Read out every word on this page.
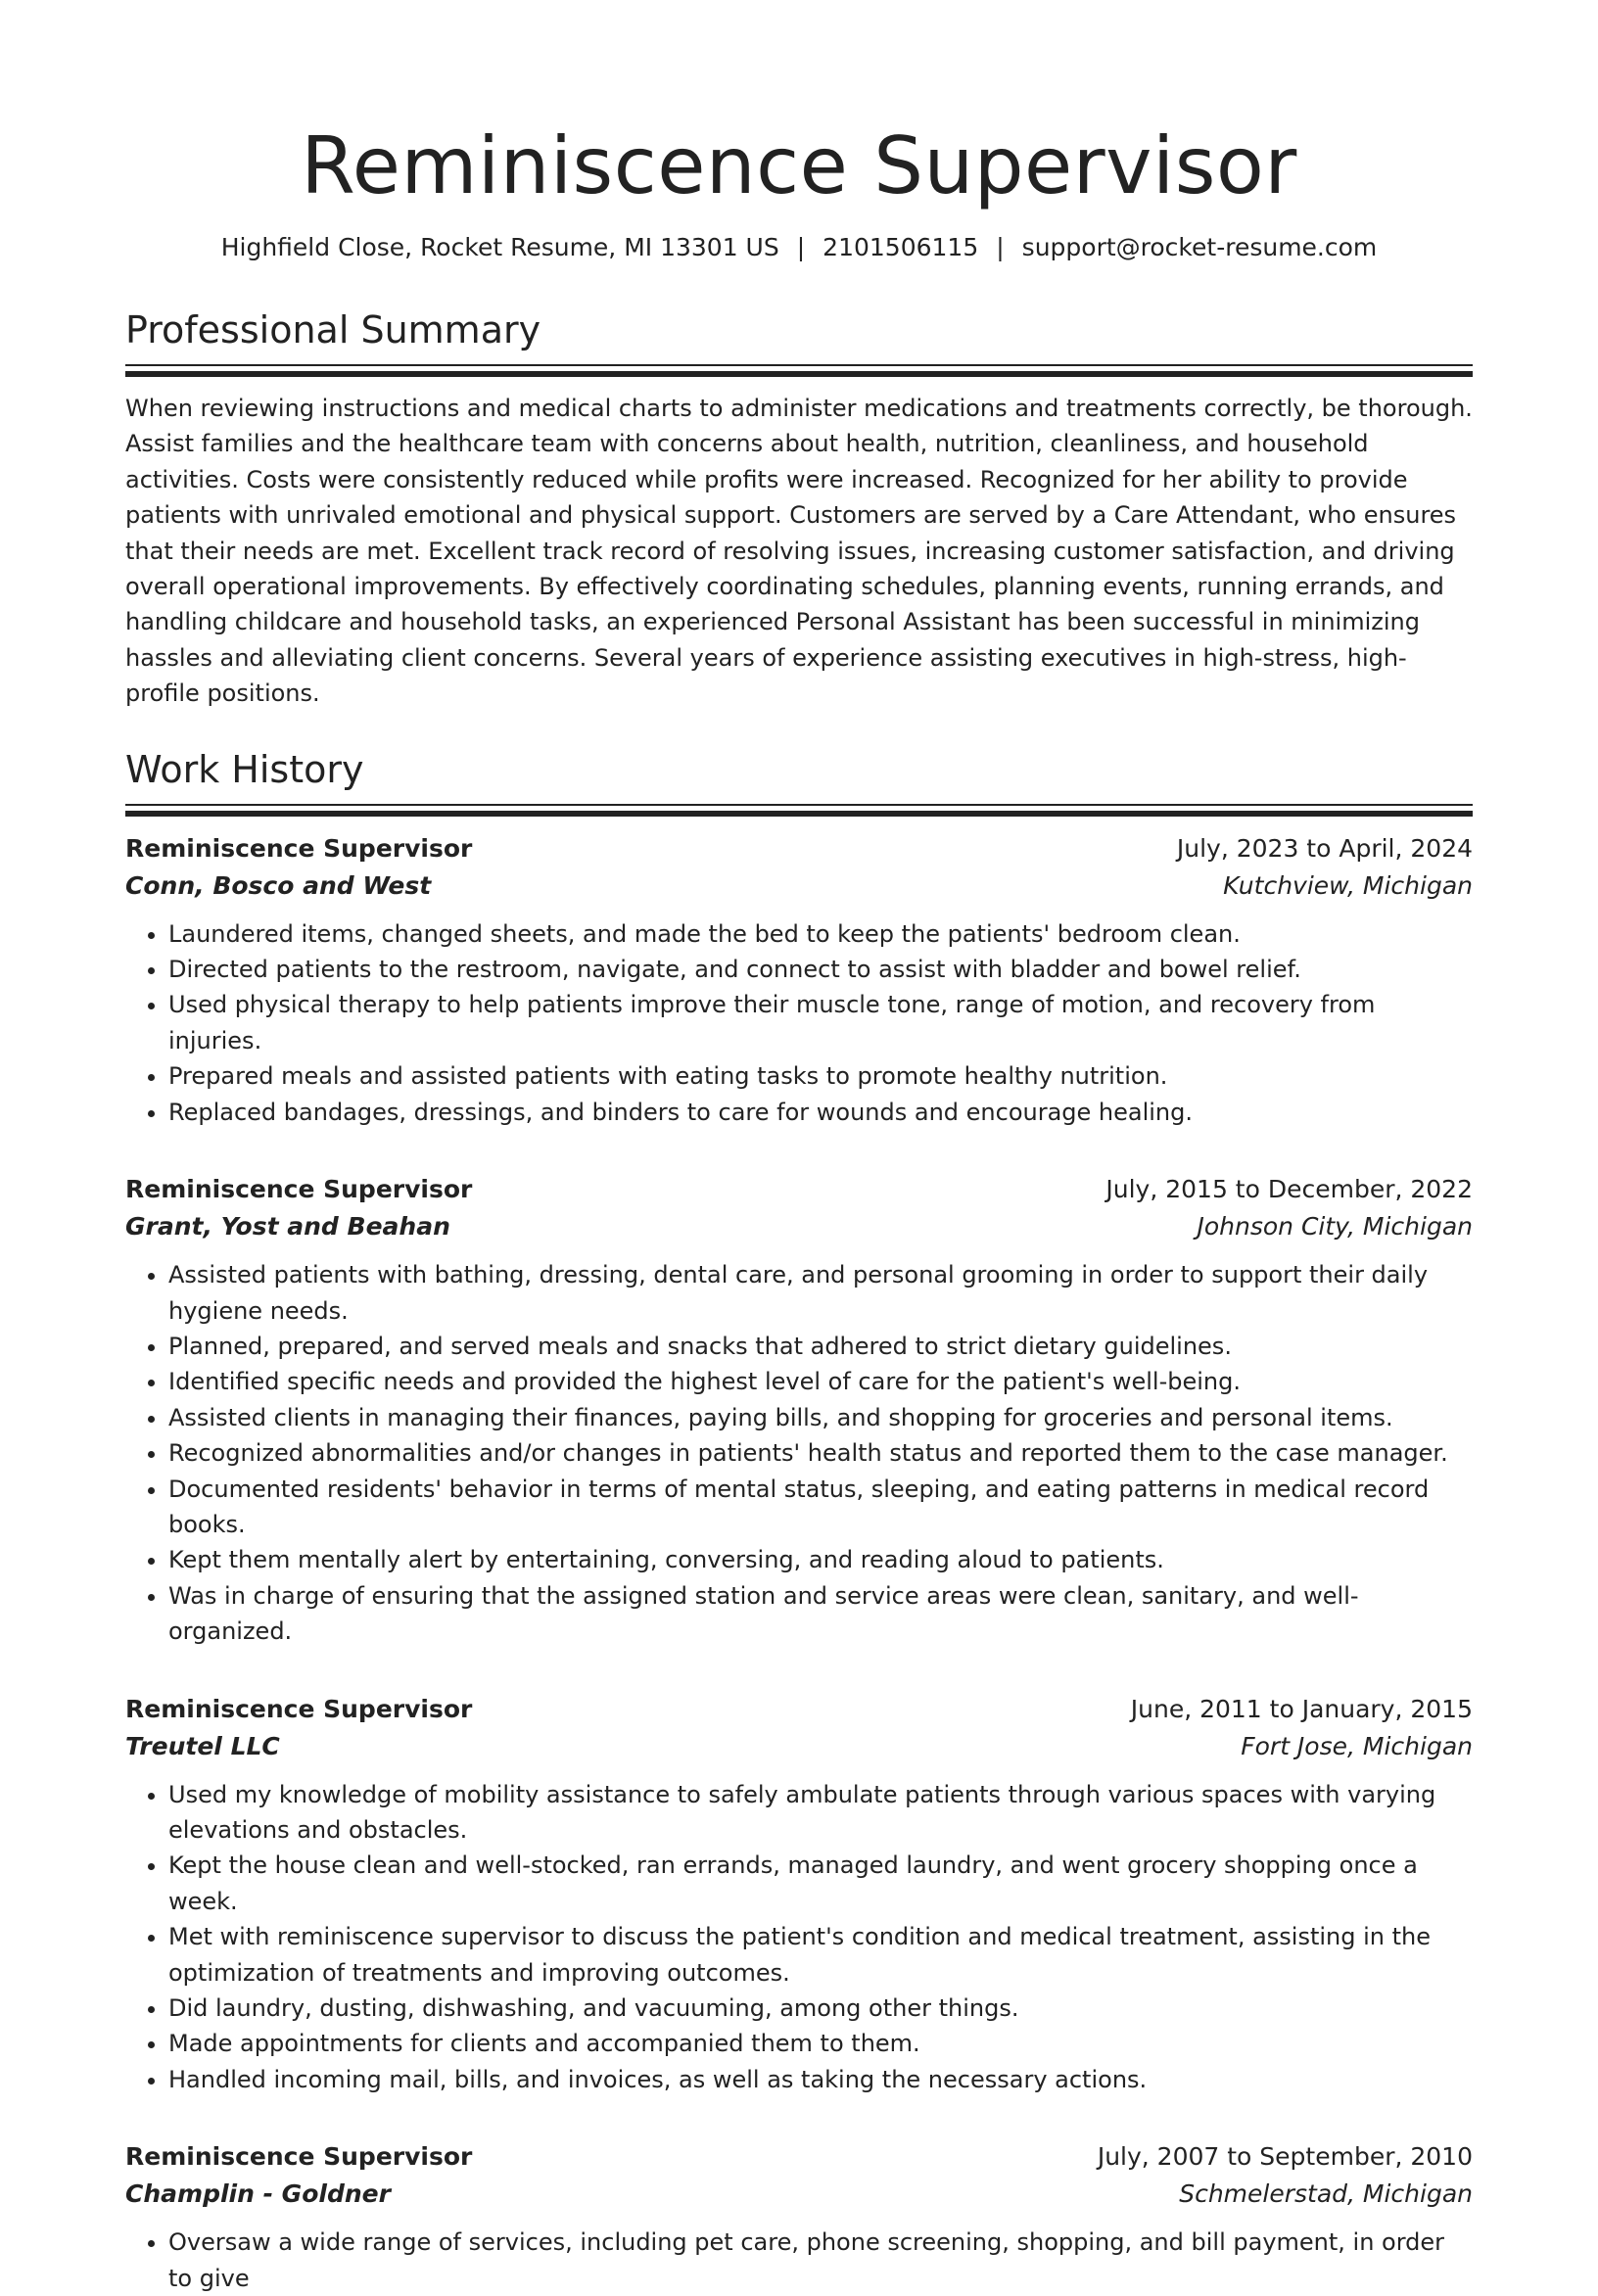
Reminiscence Supervisor
Highfield Close, Rocket Resume, MI 13301 US | 2101506115 | support@rocket-resume.com
Professional Summary

When reviewing instructions and medical charts to administer medications and treatments correctly, be thorough. Assist families and the healthcare team with concerns about health, nutrition, cleanliness, and household activities. Costs were consistently reduced while profits were increased. Recognized for her ability to provide patients with unrivaled emotional and physical support. Customers are served by a Care Attendant, who ensures that their needs are met. Excellent track record of resolving issues, increasing customer satisfaction, and driving overall operational improvements. By effectively coordinating schedules, planning events, running errands, and handling childcare and household tasks, an experienced Personal Assistant has been successful in minimizing hassles and alleviating client concerns. Several years of experience assisting executives in high-stress, high-profile positions.

Work History
Reminiscence Supervisor	July, 2023 to April, 2024
Conn, Bosco and West	Kutchview, Michigan
• Laundered items, changed sheets, and made the bed to keep the patients' bedroom clean.
• Directed patients to the restroom, navigate, and connect to assist with bladder and bowel relief.
• Used physical therapy to help patients improve their muscle tone, range of motion, and recovery from injuries.
• Prepared meals and assisted patients with eating tasks to promote healthy nutrition.
• Replaced bandages, dressings, and binders to care for wounds and encourage healing.
Reminiscence Supervisor	July, 2015 to December, 2022
Grant, Yost and Beahan	Johnson City, Michigan
• Assisted patients with bathing, dressing, dental care, and personal grooming in order to support their daily hygiene needs.
• Planned, prepared, and served meals and snacks that adhered to strict dietary guidelines.
• Identified specific needs and provided the highest level of care for the patient's well-being.
• Assisted clients in managing their finances, paying bills, and shopping for groceries and personal items.
• Recognized abnormalities and/or changes in patients' health status and reported them to the case manager.
• Documented residents' behavior in terms of mental status, sleeping, and eating patterns in medical record books.
• Kept them mentally alert by entertaining, conversing, and reading aloud to patients.
• Was in charge of ensuring that the assigned station and service areas were clean, sanitary, and well-organized.
Reminiscence Supervisor	June, 2011 to January, 2015
Treutel LLC	Fort Jose, Michigan
• Used my knowledge of mobility assistance to safely ambulate patients through various spaces with varying elevations and obstacles.
• Kept the house clean and well-stocked, ran errands, managed laundry, and went grocery shopping once a week.
• Met with reminiscence supervisor to discuss the patient's condition and medical treatment, assisting in the optimization of treatments and improving outcomes.
• Did laundry, dusting, dishwashing, and vacuuming, among other things.
• Made appointments for clients and accompanied them to them.
• Handled incoming mail, bills, and invoices, as well as taking the necessary actions.
Reminiscence Supervisor	July, 2007 to September, 2010
Champlin - Goldner	Schmelerstad, Michigan
• Oversaw a wide range of services, including pet care, phone screening, shopping, and bill payment, in order to give
